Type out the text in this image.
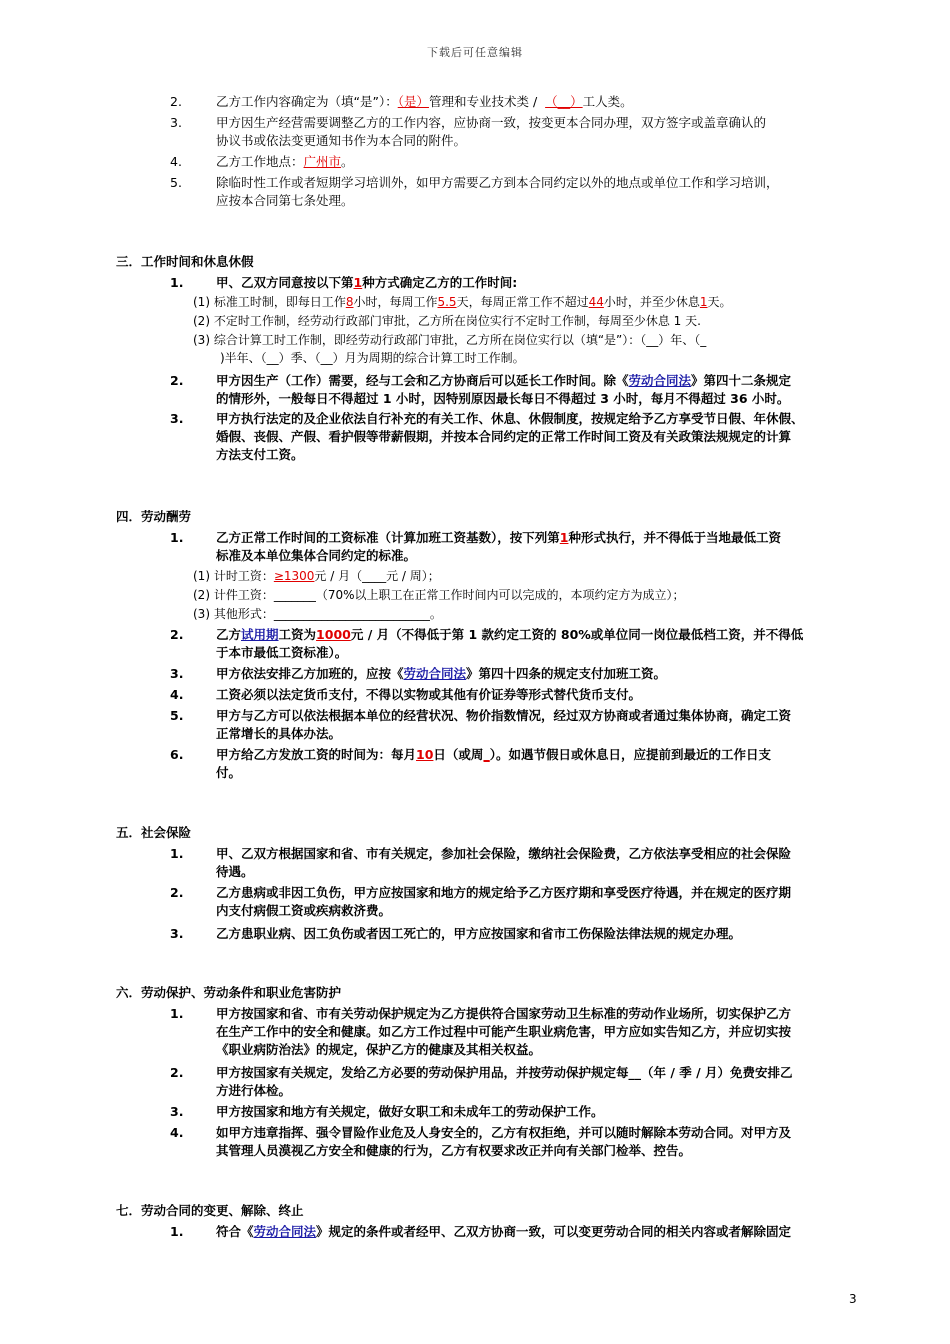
下载后可任意编辑
2.	乙方工作内容确定为（填“是”）：（是）管理和专业技术类 / （__）工人类。
3.	甲方因生产经营需要调整乙方的工作内容，应协商一致，按变更本合同办理，双方签字或盖章确认的
协议书或依法变更通知书作为本合同的附件。
4.	乙方工作地点：广州市。
5.	除临时性工作或者短期学习培训外，如甲方需要乙方到本合同约定以外的地点或单位工作和学习培训，
应按本合同第七条处理。
三．工作时间和休息休假
1.	甲、乙双方同意按以下第1种方式确定乙方的工作时间:
(1) 标准工时制，即每日工作8小时，每周工作5.5天，每周正常工作不超过44小时，并至少休息1天。
(2) 不定时工作制，经劳动行政部门审批，乙方所在岗位实行不定时工作制，每周至少休息 1 天.
(3) 综合计算工时工作制，即经劳动行政部门审批，乙方所在岗位实行以（填“是”）：（__）年、（_
)半年、（__）季、（__）月为周期的综合计算工时工作制。
2.	甲方因生产（工作）需要，经与工会和乙方协商后可以延长工作时间。除《劳动合同法》第四十二条规定
的情形外，一般每日不得超过 1 小时，因特别原因最长每日不得超过 3 小时，每月不得超过 36 小时。
3.	甲方执行法定的及企业依法自行补充的有关工作、休息、休假制度，按规定给予乙方享受节日假、年休假、
婚假、丧假、产假、看护假等带薪假期，并按本合同约定的正常工作时间工资及有关政策法规规定的计算
方法支付工资。
四．劳动酬劳
1.	乙方正常工作时间的工资标准（计算加班工资基数），按下列第1种形式执行，并不得低于当地最低工资
标准及本单位集体合同约定的标准。
(1) 计时工资：≥1300元 / 月（____元 / 周）；
(2) 计件工资：_______（70%以上职工在正常工作时间内可以完成的，本项约定方为成立）；
(3) 其他形式：__________________________。
2.	乙方试用期工资为1000元 / 月（不得低于第 1 款约定工资的 80%或单位同一岗位最低档工资，并不得低
于本市最低工资标准）。
3.	甲方依法安排乙方加班的，应按《劳动合同法》第四十四条的规定支付加班工资。
4.	工资必须以法定货币支付，不得以实物或其他有价证券等形式替代货币支付。
5.	甲方与乙方可以依法根据本单位的经营状况、物价指数情况，经过双方协商或者通过集体协商，确定工资
正常增长的具体办法。
6.	甲方给乙方发放工资的时间为：每月10日（或周_）。如遇节假日或休息日，应提前到最近的工作日支
付。
五．社会保险
1.	甲、乙双方根据国家和省、市有关规定，参加社会保险，缴纳社会保险费，乙方依法享受相应的社会保险
待遇。
2.	乙方患病或非因工负伤，甲方应按国家和地方的规定给予乙方医疗期和享受医疗待遇，并在规定的医疗期
内支付病假工资或疾病救济费。
3.	乙方患职业病、因工负伤或者因工死亡的，甲方应按国家和省市工伤保险法律法规的规定办理。
六．劳动保护、劳动条件和职业危害防护
1.	甲方按国家和省、市有关劳动保护规定为乙方提供符合国家劳动卫生标准的劳动作业场所，切实保护乙方
在生产工作中的安全和健康。如乙方工作过程中可能产生职业病危害，甲方应如实告知乙方，并应切实按
《职业病防治法》的规定，保护乙方的健康及其相关权益。
2.	甲方按国家有关规定，发给乙方必要的劳动保护用品，并按劳动保护规定每__（年 / 季 / 月）免费安排乙
方进行体检。
3.	甲方按国家和地方有关规定，做好女职工和未成年工的劳动保护工作。
4.	如甲方违章指挥、强令冒险作业危及人身安全的，乙方有权拒绝，并可以随时解除本劳动合同。对甲方及
其管理人员漠视乙方安全和健康的行为，乙方有权要求改正并向有关部门检举、控告。
七．劳动合同的变更、解除、终止
1.	符合《劳动合同法》规定的条件或者经甲、乙双方协商一致，可以变更劳动合同的相关内容或者解除固定
3
